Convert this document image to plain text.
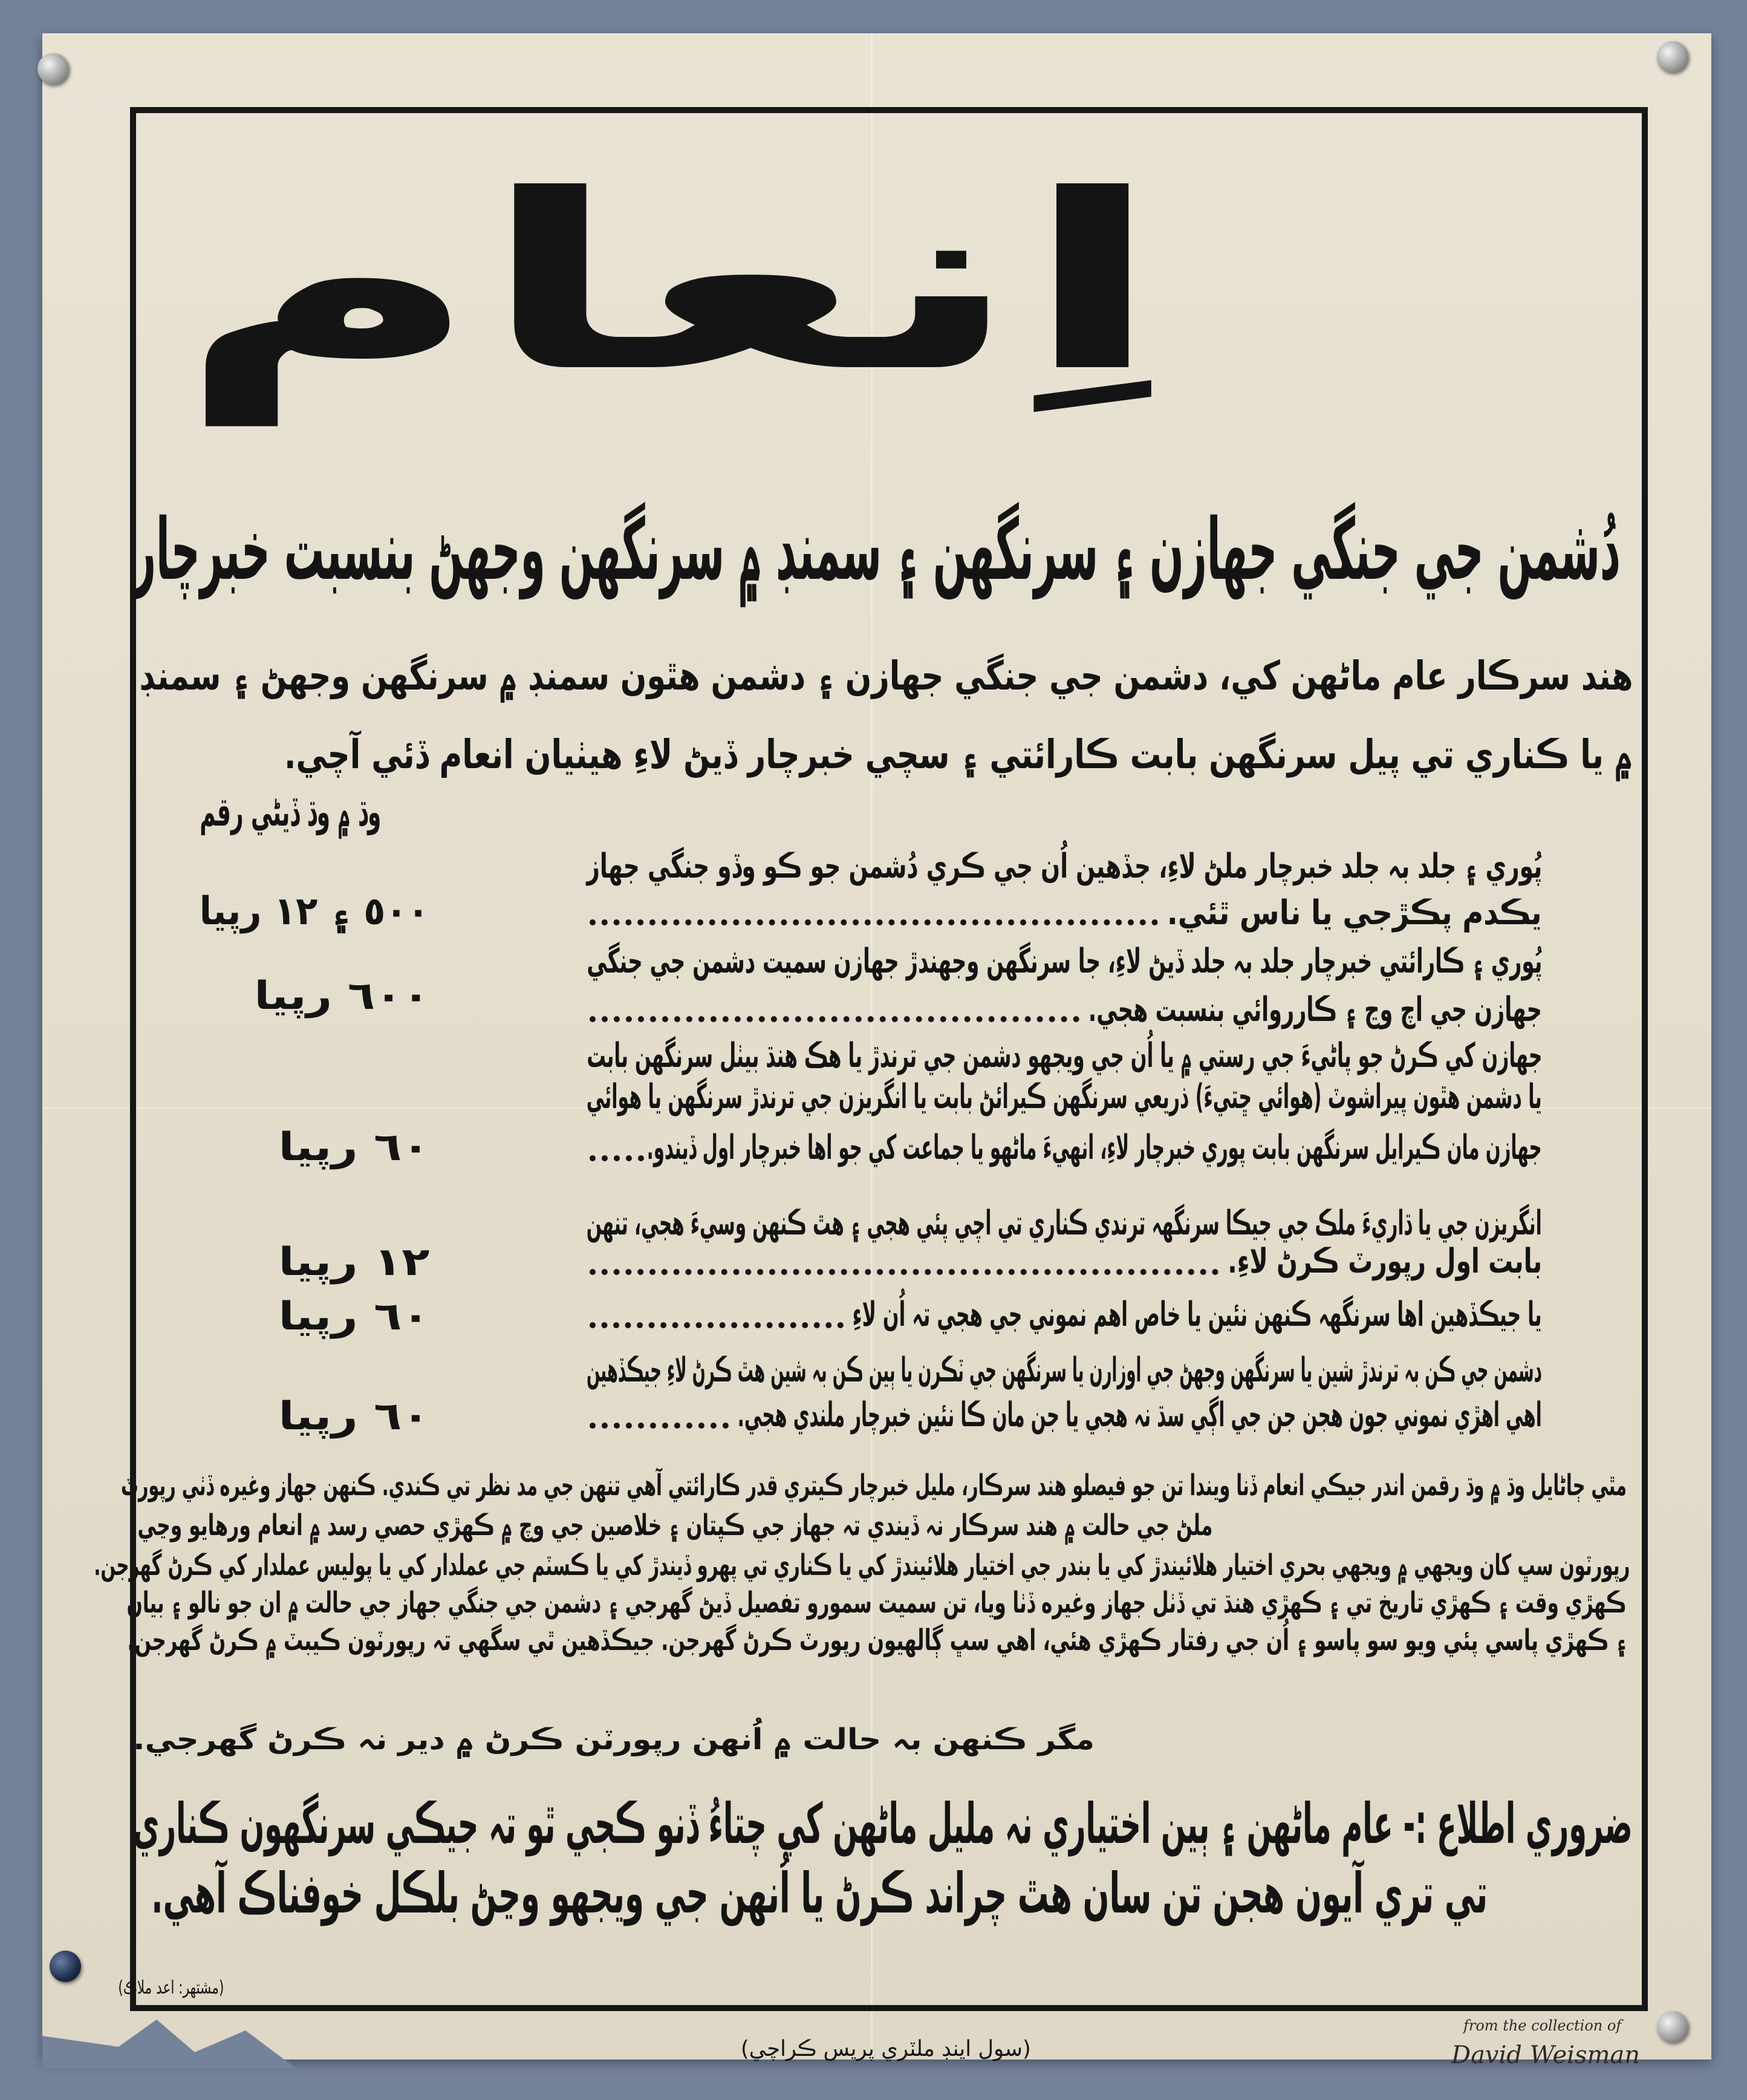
اِنعام
دُشمن جي جنگي جهازن ۽ سرنگهن ۽ سمنڊ ۾ سرنگهن وجهڻ بنسبت خبرچار
هند سرڪار عام ماڻهن کي، دشمن جي جنگي جهازن ۽ دشمن هٿون سمنڊ ۾ سرنگهن وجهڻ ۽ سمنڊ
۾ يا ڪناري تي پيل سرنگهن بابت ڪارائتي ۽ سچي خبرچار ڏيڻ لاءِ هيٺيان انعام ڏئي آچي.
وڌ ۾ وڌ ڏيڻي رقم
پُوري ۽ جلد بہ جلد خبرچار ملڻ لاءِ، جڏهين اُن جي ڪري دُشمن جو ڪو وڏو جنگي جهاز
يڪدم پڪڙجي يا ناس ٿئي.
٥٠٠ ۽ ١٢ رپيا
پُوري ۽ ڪارائتي خبرچار جلد بہ جلد ڏيڻ لاءِ، جا سرنگهن وجهندڙ جهازن سميت دشمن جي جنگي
جهازن جي اچ وڃ ۽ ڪارروائي بنسبت هجي.
٦٠٠ رپيا
جهازن کي ڪرڻ جو پاڻيءَ جي رستي ۾ يا اُن جي ويجهو دشمن جي ترندڙ يا هڪ هنڌ بيٺل سرنگهن بابت
يا دشمن هٿون پيراشوٽ (هوائي ڇتيءَ) ذريعي سرنگهن ڪيرائڻ بابت يا انگريزن جي ترندڙ سرنگهن يا هوائي
جهازن مان ڪيرايل سرنگهن بابت پوري خبرچار لاءِ، انهيءَ ماڻهو يا جماعت کي جو اها خبرچار اول ڏيندو.
٦٠ رپيا
انگريزن جي يا ڌاريءَ ملڪ جي جيڪا سرنگهہ ترندي ڪناري تي اچي پئي هجي ۽ هٿ ڪنهن وسيءَ هجي، تنهن
بابت اول رپورٽ ڪرڻ لاءِ.
١٢ رپيا
يا جيڪڏهين اها سرنگهہ ڪنهن نئين يا خاص اهم نموني جي هجي تہ اُن لاءِ
٦٠ رپيا
دشمن جي ڪن بہ ترندڙ شين يا سرنگهن وجهڻ جي اوزارن يا سرنگهن جي ٽڪرن يا ٻين ڪن بہ شين هٿ ڪرڻ لاءِ جيڪڏهين
اهي اهڙي نموني جون هجن جن جي اڳي سڌ نہ هجي يا جن مان ڪا نئين خبرچار ملندي هجي.
٦٠ رپيا
مٿي ڄاڻايل وڌ ۾ وڌ رقمن اندر جيڪي انعام ڏنا ويندا تن جو فيصلو هند سرڪار، مليل خبرچار ڪيتري قدر ڪارائتي آهي تنهن جي مد نظر تي ڪندي. ڪنهن جهاز وغيره ڏٺي رپورٽ
ملڻ جي حالت ۾ هند سرڪار نہ ڏيندي تہ جهاز جي ڪپتان ۽ خلاصين جي وچ ۾ ڪهڙي حصي رسد ۾ انعام ورهايو وڃي.
رپورٽون سڀ کان ويجهي ۾ ويجهي بحري اختيار هلائيندڙ کي يا بندر جي اختيار هلائيندڙ کي يا ڪناري تي پهرو ڏيندڙ کي يا ڪسٽم جي عملدار کي يا پوليس عملدار کي ڪرڻ گهرجن.
ڪهڙي وقت ۽ ڪهڙي تاريخ تي ۽ ڪهڙي هنڌ تي ڏٺل جهاز وغيره ڏٺا ويا، تن سميت سمورو تفصيل ڏيڻ گهرجي ۽ دشمن جي جنگي جهاز جي حالت ۾ ان جو نالو ۽ بيان
۽ ڪهڙي پاسي پئي ويو سو پاسو ۽ اُن جي رفتار ڪهڙي هئي، اهي سڀ ڳالهيون رپورٽ ڪرڻ گهرجن. جيڪڏهين ٿي سگهي تہ رپورٽون ڪيبٽ ۾ ڪرڻ گهرجن.
مگر ڪنهن بہ حالت ۾ اُنهن رپورٽن ڪرڻ ۾ دير نہ ڪرڻ گهرجي.
ضروري اطلاع :- عام ماڻهن ۽ ٻين اختياري نہ مليل ماڻهن کي چتاءُ ڏنو ڪجي ٿو تہ جيڪي سرنگهون ڪناري
تي تري آيون هجن تن سان هٿ چراند ڪرڻ يا اُنهن جي ويجهو وڃڻ بلڪل خوفناڪ آهي.
(مشتهر: اعد ملاڪ)
(سول اينڊ ملٽري پريس ڪراچي)
from the collection of
David Weisman
